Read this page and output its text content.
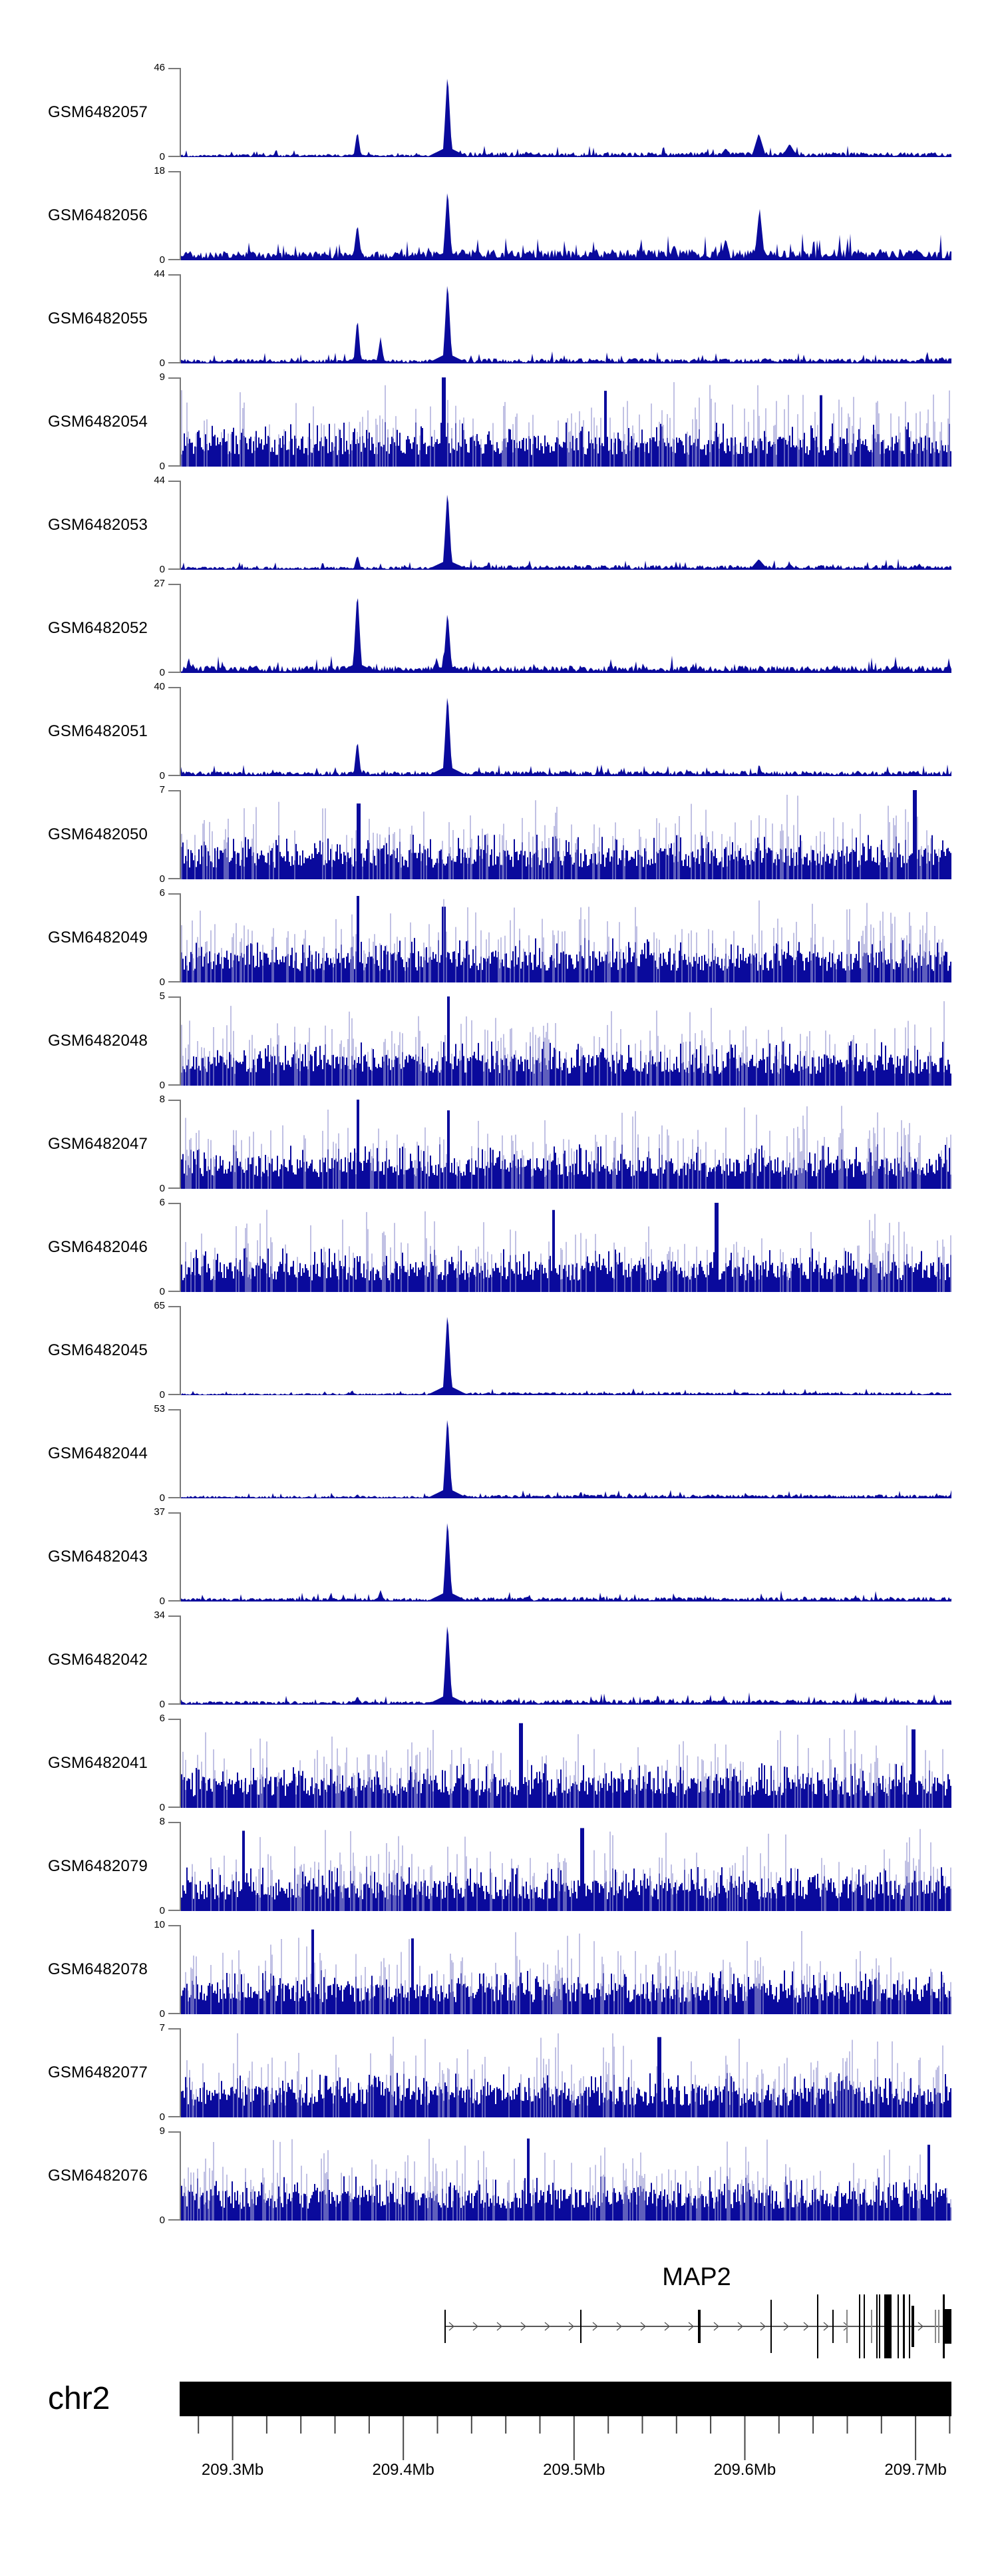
GSM6482057
46
0
GSM6482056
18
0
GSM6482055
44
0
GSM6482054
9
0
GSM6482053
44
0
GSM6482052
27
0
GSM6482051
40
0
GSM6482050
7
0
GSM6482049
6
0
GSM6482048
5
0
GSM6482047
8
0
GSM6482046
6
0
GSM6482045
65
0
GSM6482044
53
0
GSM6482043
37
0
GSM6482042
34
0
GSM6482041
6
0
GSM6482079
8
0
GSM6482078
10
0
GSM6482077
7
0
GSM6482076
9
0
MAP2
chr2
209.3Mb	209.4Mb	209.5Mb	209.6Mb	209.7Mb
